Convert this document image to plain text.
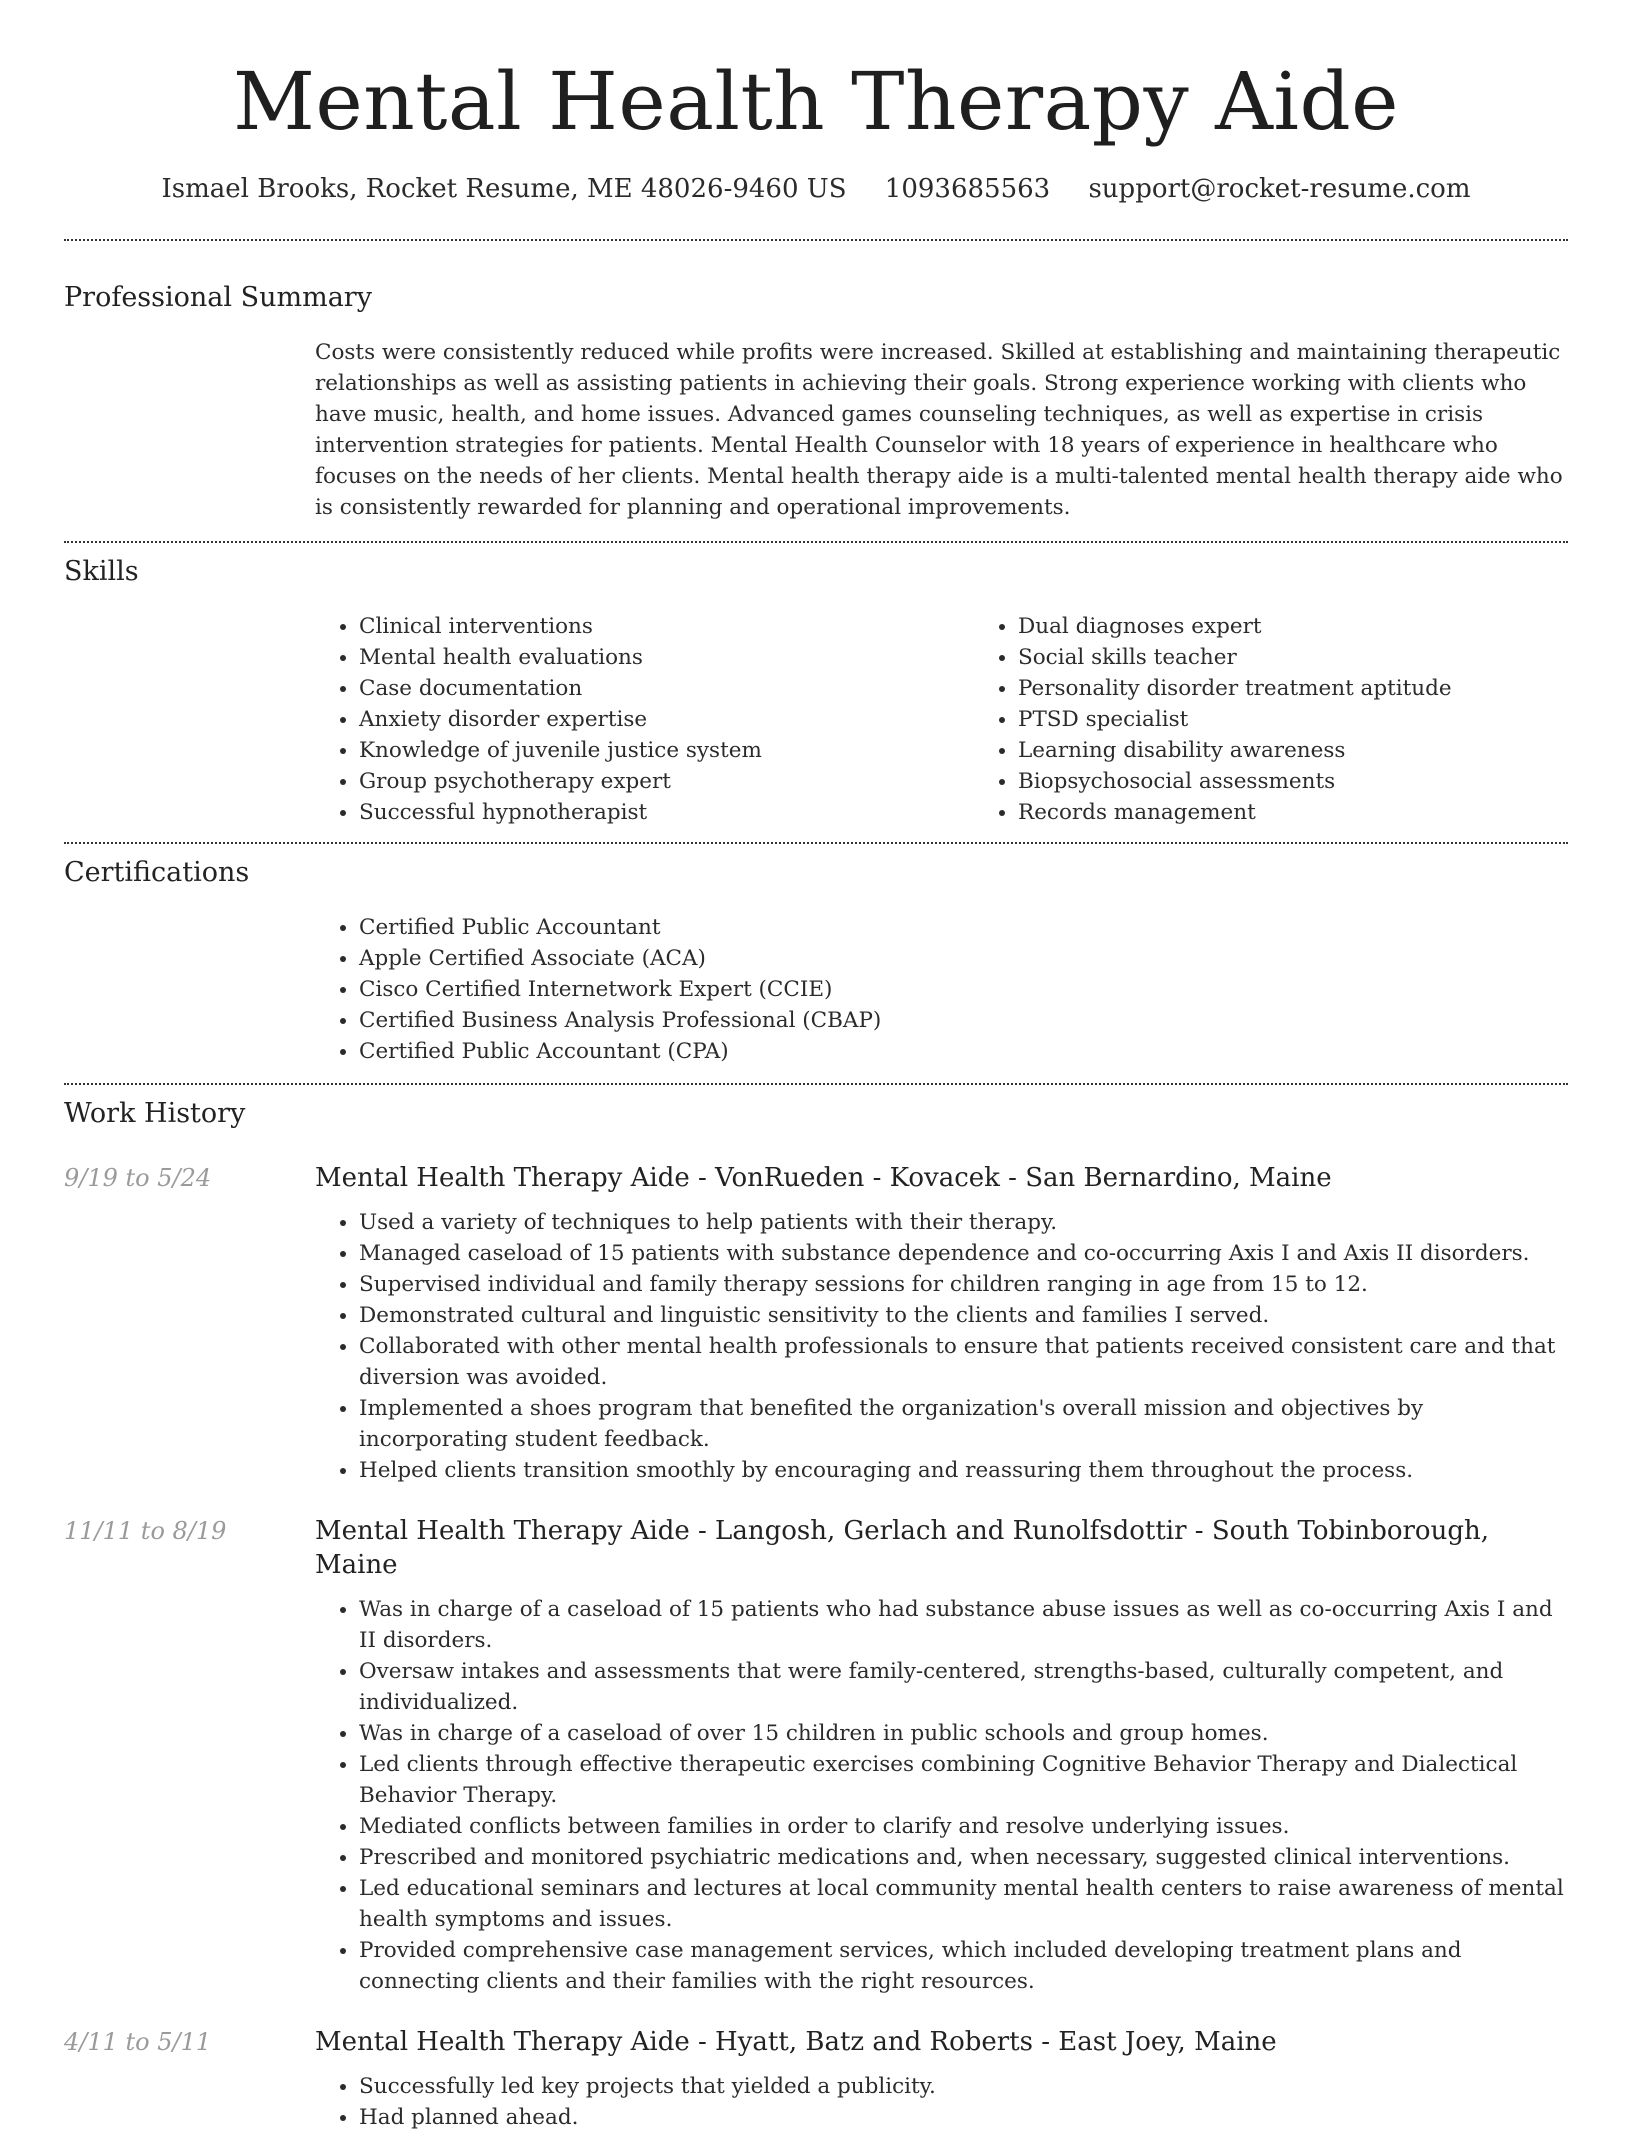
Mental Health Therapy Aide
Ismael Brooks, Rocket Resume, ME 48026-9460 US 1093685563 support@rocket-resume.com
Professional Summary

Costs were consistently reduced while profits were increased. Skilled at establishing and maintaining therapeutic relationships as well as assisting patients in achieving their goals. Strong experience working with clients who have music, health, and home issues. Advanced games counseling techniques, as well as expertise in crisis intervention strategies for patients. Mental Health Counselor with 18 years of experience in healthcare who focuses on the needs of her clients. Mental health therapy aide is a multi-talented mental health therapy aide who is consistently rewarded for planning and operational improvements.

Skills
• Clinical interventions
• Mental health evaluations
• Case documentation
• Anxiety disorder expertise
• Knowledge of juvenile justice system
• Group psychotherapy expert
• Successful hypnotherapist
• Dual diagnoses expert
• Social skills teacher
• Personality disorder treatment aptitude
• PTSD specialist
• Learning disability awareness
• Biopsychosocial assessments
• Records management
Certifications
• Certified Public Accountant
• Apple Certified Associate (ACA)
• Cisco Certified Internetwork Expert (CCIE)
• Certified Business Analysis Professional (CBAP)
• Certified Public Accountant (CPA)
Work History
9/19 to 5/24	Mental Health Therapy Aide - VonRueden - Kovacek - San Bernardino, Maine
• Used a variety of techniques to help patients with their therapy.
• Managed caseload of 15 patients with substance dependence and co-occurring Axis I and Axis II disorders.
• Supervised individual and family therapy sessions for children ranging in age from 15 to 12.
• Demonstrated cultural and linguistic sensitivity to the clients and families I served.
• Collaborated with other mental health professionals to ensure that patients received consistent care and that diversion was avoided.
• Implemented a shoes program that benefited the organization's overall mission and objectives by incorporating student feedback.
• Helped clients transition smoothly by encouraging and reassuring them throughout the process.
11/11 to 8/19	Mental Health Therapy Aide - Langosh, Gerlach and Runolfsdottir - South Tobinborough, Maine
• Was in charge of a caseload of 15 patients who had substance abuse issues as well as co-occurring Axis I and II disorders.
• Oversaw intakes and assessments that were family-centered, strengths-based, culturally competent, and individualized.
• Was in charge of a caseload of over 15 children in public schools and group homes.
• Led clients through effective therapeutic exercises combining Cognitive Behavior Therapy and Dialectical Behavior Therapy.
• Mediated conflicts between families in order to clarify and resolve underlying issues.
• Prescribed and monitored psychiatric medications and, when necessary, suggested clinical interventions.
• Led educational seminars and lectures at local community mental health centers to raise awareness of mental health symptoms and issues.
• Provided comprehensive case management services, which included developing treatment plans and connecting clients and their families with the right resources.
4/11 to 5/11	Mental Health Therapy Aide - Hyatt, Batz and Roberts - East Joey, Maine
• Successfully led key projects that yielded a publicity.
• Had planned ahead.
